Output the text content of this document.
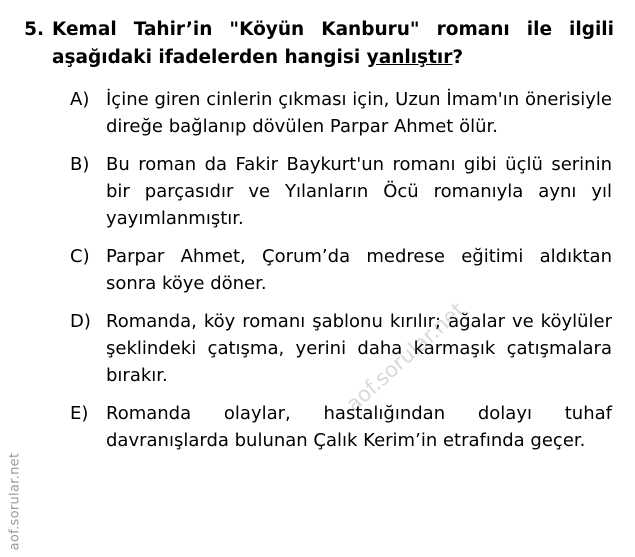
aof.sorular.net
aof.sorular.net
5. Kemal Tahir’in "Köyün Kanburu" romanı ile ilgili aşağıdaki ifadelerden hangisi yanlıştır?
A) İçine giren cinlerin çıkması için, Uzun İmam'ın önerisiyle direğe bağlanıp dövülen Parpar Ahmet ölür.
B) Bu roman da Fakir Baykurt'un romanı gibi üçlü serinin bir parçasıdır ve Yılanların Öcü romanıyla aynı yıl yayımlanmıştır.
C) Parpar Ahmet, Çorum’da medrese eğitimi aldıktan sonra köye döner.
D) Romanda, köy romanı şablonu kırılır; ağalar ve köylüler şeklindeki çatışma, yerini daha karmaşık çatışmalara bırakır.
E) Romanda olaylar, hastalığından dolayı tuhaf davranışlarda bulunan Çalık Kerim’in etrafında geçer.
